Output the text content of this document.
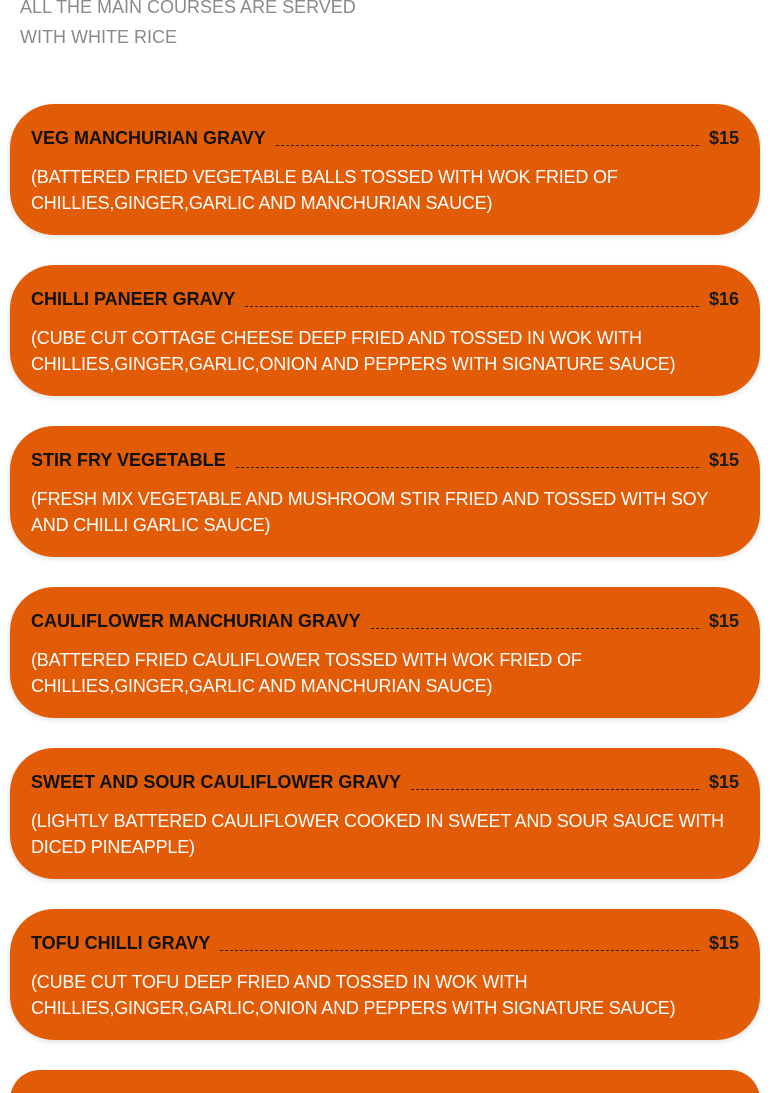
ALL THE MAIN COURSES ARE SERVED
WITH WHITE RICE
VEG MANCHURIAN GRAVY	$15
(BATTERED FRIED VEGETABLE BALLS TOSSED WITH WOK FRIED OF CHILLIES,GINGER,GARLIC AND MANCHURIAN SAUCE)
CHILLI PANEER GRAVY	$16
(CUBE CUT COTTAGE CHEESE DEEP FRIED AND TOSSED IN WOK WITH CHILLIES,GINGER,GARLIC,ONION AND PEPPERS WITH SIGNATURE SAUCE)
STIR FRY VEGETABLE	$15
(FRESH MIX VEGETABLE AND MUSHROOM STIR FRIED AND TOSSED WITH SOY AND CHILLI GARLIC SAUCE)
CAULIFLOWER MANCHURIAN GRAVY	$15
(BATTERED FRIED CAULIFLOWER TOSSED WITH WOK FRIED OF CHILLIES,GINGER,GARLIC AND MANCHURIAN SAUCE)
SWEET AND SOUR CAULIFLOWER GRAVY	$15
(LIGHTLY BATTERED CAULIFLOWER COOKED IN SWEET AND SOUR SAUCE WITH DICED PINEAPPLE)
TOFU CHILLI GRAVY	$15
(CUBE CUT TOFU DEEP FRIED AND TOSSED IN WOK WITH CHILLIES,GINGER,GARLIC,ONION AND PEPPERS WITH SIGNATURE SAUCE)
